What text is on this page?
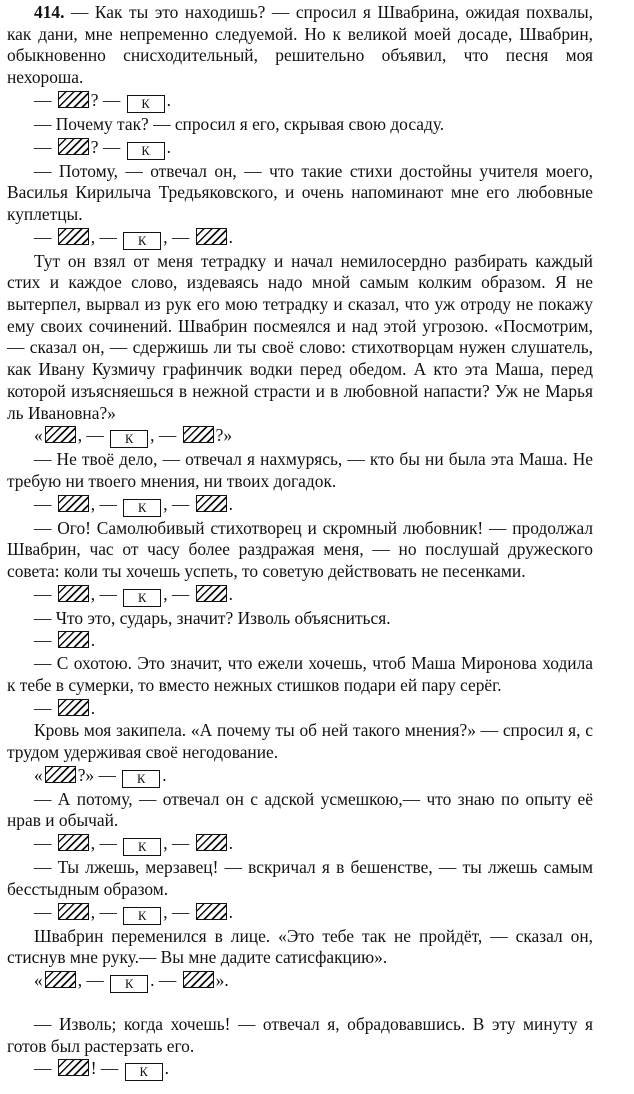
414. — Как ты это находишь? — спросил я Швабрина, ожидая похвалы, как дани, мне непременно следуемой. Но к великой моей досаде, Швабрин, обыкновенно снисходительный, решительно объявил, что песня моя нехороша.

— ? — К .

— Почему так? — спросил я его, скрывая свою досаду.

— ? — К .

— Потому, — отвечал он, — что такие стихи достойны учителя моего, Василья Кирилыча Тредьяковского, и очень напоминают мне его любовные куплетцы.

— , — К , — .

Тут он взял от меня тетрадку и начал немилосердно разбирать каждый стих и каждое слово, издеваясь надо мной самым колким образом. Я не вытерпел, вырвал из рук его мою тетрадку и сказал, что уж отроду не покажу ему своих сочинений. Швабрин посмеялся и над этой угрозою. «Посмотрим, — сказал он, — сдержишь ли ты своё слово: стихотворцам нужен слушатель, как Ивану Кузмичу графинчик водки перед обедом. А кто эта Маша, перед которой изъясняешься в нежной страсти и в любовной напасти? Уж не Марья ль Ивановна?»

« , — К , — ?»

— Не твоё дело, — отвечал я нахмурясь, — кто бы ни была эта Маша. Не требую ни твоего мнения, ни твоих догадок.

— , — К , — .

— Ого! Самолюбивый стихотворец и скромный любовник! — продолжал Швабрин, час от часу более раздражая меня, — но послушай дружеского совета: коли ты хочешь успеть, то советую действовать не песенками.

— , — К , — .

— Что это, сударь, значит? Изволь объясниться.

— .

— С охотою. Это значит, что ежели хочешь, чтоб Маша Миронова ходила к тебе в сумерки, то вместо нежных стишков подари ей пару серёг.

— .

Кровь моя закипела. «А почему ты об ней такого мнения?» — спросил я, с трудом удерживая своё негодование.

« ?» — К .

— А потому, — отвечал он с адской усмешкою,— что знаю по опыту её нрав и обычай.

— , — К , — .

— Ты лжешь, мерзавец! — вскричал я в бешенстве, — ты лжешь самым бесстыдным образом.

— , — К , — .

Швабрин переменился в лице. «Это тебе так не пройдёт, — сказал он, стиснув мне руку.— Вы мне дадите сатисфакцию».

« , — К . — ».

— Изволь; когда хочешь! — отвечал я, обрадовавшись. В эту минуту я готов был растерзать его.

— ! — К .
